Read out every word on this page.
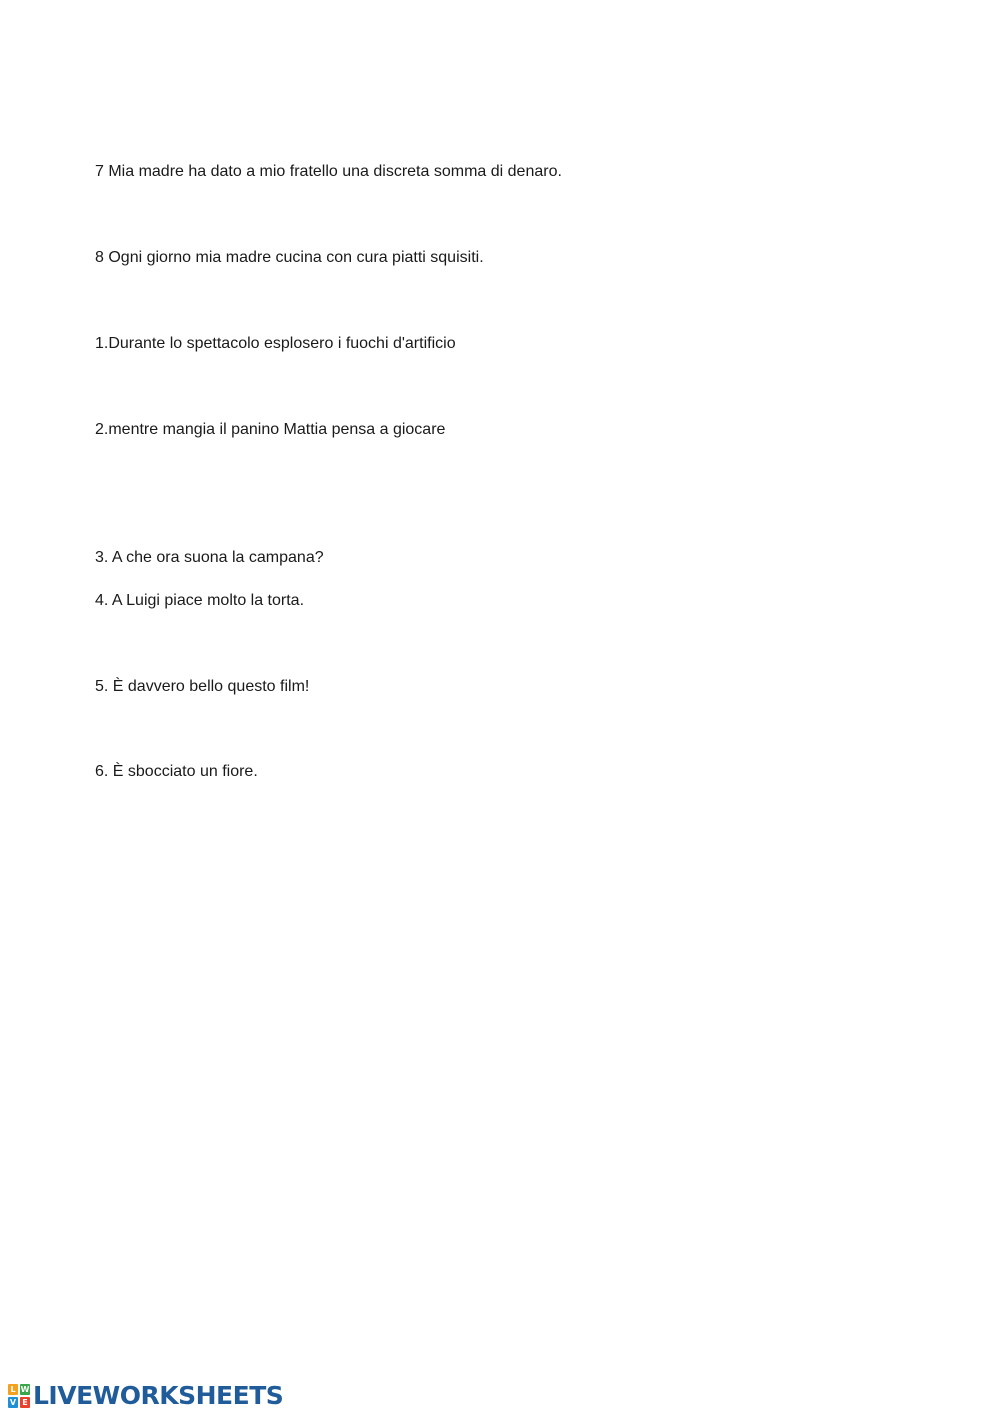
7 Mia madre ha dato a mio fratello una discreta somma di denaro.
8 Ogni giorno mia madre cucina con cura piatti squisiti.
1.Durante lo spettacolo esplosero i fuochi d'artificio
2.mentre mangia il panino Mattia pensa a giocare
3. A che ora suona la campana?
4. A Luigi piace molto la torta.
5. È davvero bello questo film!
6. È sbocciato un fiore.
L W
V E LIVEWORKSHEETS
